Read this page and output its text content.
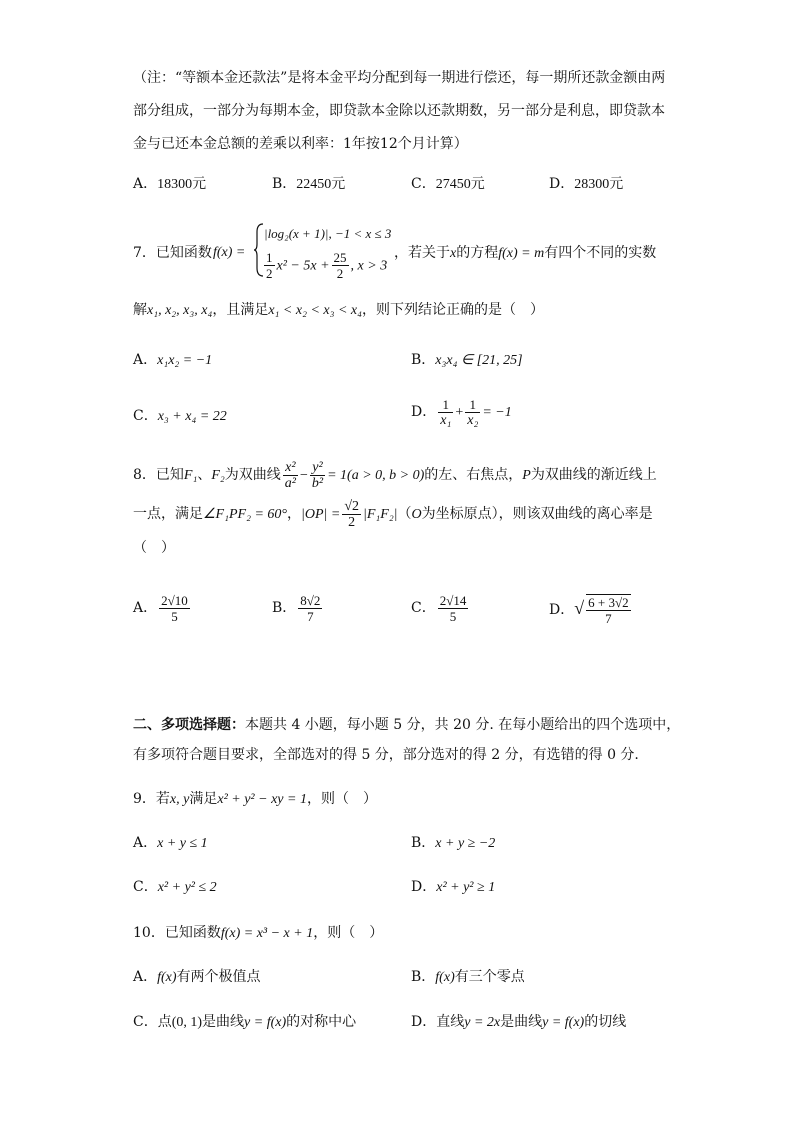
（注：“等额本金还款法”是将本金平均分配到每一期进行偿还，每一期所还款金额由两
部分组成，一部分为每期本金，即贷款本金除以还款期数，另一部分是利息，即贷款本
金与已还本金总额的差乘以利率：1年按12个月计算）
A．18300元	B．22450元	C．27450元	D．28300元
7．已知函数 f(x) =
|log₂(x + 1)|, −1 < x ≤ 3
$\frac{1}{2} x^2 - 5x + \frac{25}{2}$ , x > 3
，若关于x的方程f(x) = m有四个不同的实数
解x₁, x₂, x₃, x₄，且满足x₁ < x₂ < x₃ < x₄，则下列结论正确的是（　）
A．x₁x₂ = −1	B．x₃x₄ ∈ [21, 25]
C．x₃ + x₄ = 22	D． $\frac{1}{\text{x₁}} + \frac{1}{\text{x₂}} = -1$
8．已知F₁、F₂为双曲线 $\frac{\text{x²}}{\text{a²}} - \frac{\text{y²}}{\text{b²}} = 1(a > 0$, b > 0)的左、右焦点，P为双曲线的渐近线上
一点，满足∠F₁PF₂ = 60°，$|OP| = \frac{√2}{2} |F_1F_2|(O$为坐标原点），则该双曲线的离心率是
（　）
A． $\frac{2√10}{5}$	B． $\frac{8√2}{7}$	C． $\frac{2√14}{5}$	D．√ $\frac{6 + 3√2}{7}$
二、多项选择题：本题共 4 小题，每小题 5 分，共 20 分. 在每小题给出的四个选项中，
有多项符合题目要求，全部选对的得 5 分，部分选对的得 2 分，有选错的得 0 分.
9．若x, y满足x² + y² − xy = 1，则（　）
A．x + y ≤ 1	B．x + y ≥ −2
C．x² + y² ≤ 2	D．x² + y² ≥ 1
10．已知函数f(x) = x³ − x + 1，则（　）
A．f(x)有两个极值点	B．f(x)有三个零点
C．点(0, 1)是曲线y = f(x)的对称中心	D．直线y = 2x是曲线y = f(x)的切线
